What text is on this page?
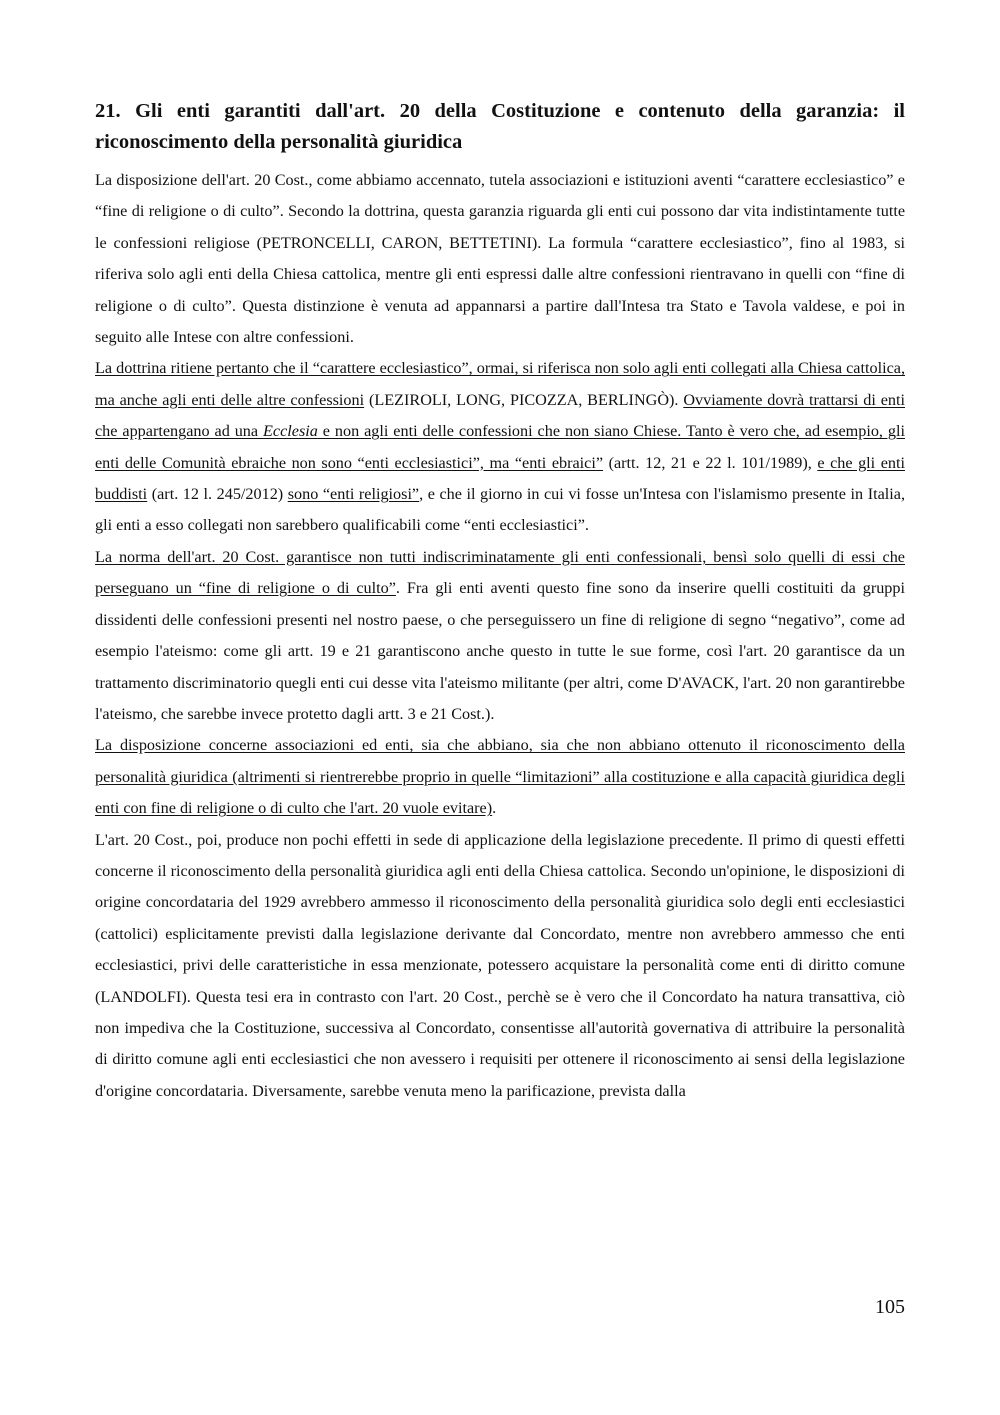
21. Gli enti garantiti dall'art. 20 della Costituzione e contenuto della garanzia: il riconoscimento della personalità giuridica

La disposizione dell'art. 20 Cost., come abbiamo accennato, tutela associazioni e istituzioni aventi “carattere ecclesiastico” e “fine di religione o di culto”. Secondo la dottrina, questa garanzia riguarda gli enti cui possono dar vita indistintamente tutte le confessioni religiose (PETRONCELLI, CARON, BETTETINI). La formula “carattere ecclesiastico”, fino al 1983, si riferiva solo agli enti della Chiesa cattolica, mentre gli enti espressi dalle altre confessioni rientravano in quelli con “fine di religione o di culto”. Questa distinzione è venuta ad appannarsi a partire dall'Intesa tra Stato e Tavola valdese, e poi in seguito alle Intese con altre confessioni.

La dottrina ritiene pertanto che il “carattere ecclesiastico”, ormai, si riferisca non solo agli enti collegati alla Chiesa cattolica, ma anche agli enti delle altre confessioni (LEZIROLI, LONG, PICOZZA, BERLINGÒ). Ovviamente dovrà trattarsi di enti che appartengano ad una Ecclesia e non agli enti delle confessioni che non siano Chiese. Tanto è vero che, ad esempio, gli enti delle Comunità ebraiche non sono “enti ecclesiastici”, ma “enti ebraici” (artt. 12, 21 e 22 l. 101/1989), e che gli enti buddisti (art. 12 l. 245/2012) sono “enti religiosi”, e che il giorno in cui vi fosse un'Intesa con l'islamismo presente in Italia, gli enti a esso collegati non sarebbero qualificabili come “enti ecclesiastici”.

La norma dell'art. 20 Cost. garantisce non tutti indiscriminatamente gli enti confessionali, bensì solo quelli di essi che perseguano un “fine di religione o di culto”. Fra gli enti aventi questo fine sono da inserire quelli costituiti da gruppi dissidenti delle confessioni presenti nel nostro paese, o che perseguissero un fine di religione di segno “negativo”, come ad esempio l'ateismo: come gli artt. 19 e 21 garantiscono anche questo in tutte le sue forme, così l'art. 20 garantisce da un trattamento discriminatorio quegli enti cui desse vita l'ateismo militante (per altri, come D'AVACK, l'art. 20 non garantirebbe l'ateismo, che sarebbe invece protetto dagli artt. 3 e 21 Cost.).

La disposizione concerne associazioni ed enti, sia che abbiano, sia che non abbiano ottenuto il riconoscimento della personalità giuridica (altrimenti si rientrerebbe proprio in quelle “limitazioni” alla costituzione e alla capacità giuridica degli enti con fine di religione o di culto che l'art. 20 vuole evitare).

L'art. 20 Cost., poi, produce non pochi effetti in sede di applicazione della legislazione precedente. Il primo di questi effetti concerne il riconoscimento della personalità giuridica agli enti della Chiesa cattolica. Secondo un'opinione, le disposizioni di origine concordataria del 1929 avrebbero ammesso il riconoscimento della personalità giuridica solo degli enti ecclesiastici (cattolici) esplicitamente previsti dalla legislazione derivante dal Concordato, mentre non avrebbero ammesso che enti ecclesiastici, privi delle caratteristiche in essa menzionate, potessero acquistare la personalità come enti di diritto comune (LANDOLFI). Questa tesi era in contrasto con l'art. 20 Cost., perchè se è vero che il Concordato ha natura transattiva, ciò non impediva che la Costituzione, successiva al Concordato, consentisse all'autorità governativa di attribuire la personalità di diritto comune agli enti ecclesiastici che non avessero i requisiti per ottenere il riconoscimento ai sensi della legislazione d'origine concordataria. Diversamente, sarebbe venuta meno la parificazione, prevista dalla

105
